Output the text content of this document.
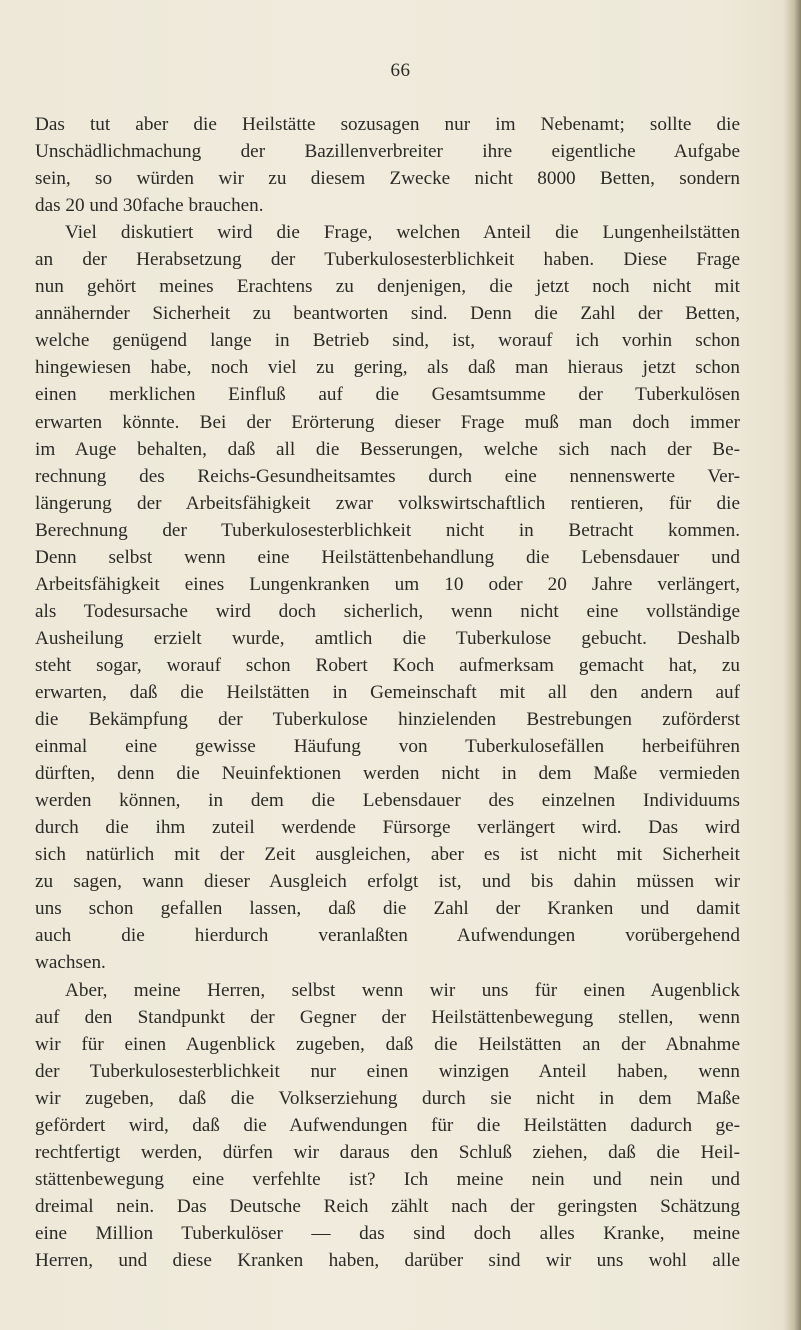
66
Das tut aber die Heilstätte sozusagen nur im Nebenamt; sollte die
Unschädlichmachung der Bazillenverbreiter ihre eigentliche Aufgabe
sein, so würden wir zu diesem Zwecke nicht 8000 Betten, sondern
das 20 und 30fache brauchen.
Viel diskutiert wird die Frage, welchen Anteil die Lungenheilstätten
an der Herabsetzung der Tuberkulosesterblichkeit haben. Diese Frage
nun gehört meines Erachtens zu denjenigen, die jetzt noch nicht mit
annähernder Sicherheit zu beantworten sind. Denn die Zahl der Betten,
welche genügend lange in Betrieb sind, ist, worauf ich vorhin schon
hingewiesen habe, noch viel zu gering, als daß man hieraus jetzt schon
einen merklichen Einfluß auf die Gesamtsumme der Tuberkulösen
erwarten könnte. Bei der Erörterung dieser Frage muß man doch immer
im Auge behalten, daß all die Besserungen, welche sich nach der Be-
rechnung des Reichs-Gesundheitsamtes durch eine nennenswerte Ver-
längerung der Arbeitsfähigkeit zwar volkswirtschaftlich rentieren, für die
Berechnung der Tuberkulosesterblichkeit nicht in Betracht kommen.
Denn selbst wenn eine Heilstättenbehandlung die Lebensdauer und
Arbeitsfähigkeit eines Lungenkranken um 10 oder 20 Jahre verlängert,
als Todesursache wird doch sicherlich, wenn nicht eine vollständige
Ausheilung erzielt wurde, amtlich die Tuberkulose gebucht. Deshalb
steht sogar, worauf schon Robert Koch aufmerksam gemacht hat, zu
erwarten, daß die Heilstätten in Gemeinschaft mit all den andern auf
die Bekämpfung der Tuberkulose hinzielenden Bestrebungen zuförderst
einmal eine gewisse Häufung von Tuberkulosefällen herbeiführen
dürften, denn die Neuinfektionen werden nicht in dem Maße vermieden
werden können, in dem die Lebensdauer des einzelnen Individuums
durch die ihm zuteil werdende Fürsorge verlängert wird. Das wird
sich natürlich mit der Zeit ausgleichen, aber es ist nicht mit Sicherheit
zu sagen, wann dieser Ausgleich erfolgt ist, und bis dahin müssen wir
uns schon gefallen lassen, daß die Zahl der Kranken und damit
auch die hierdurch veranlaßten Aufwendungen vorübergehend
wachsen.
Aber, meine Herren, selbst wenn wir uns für einen Augenblick
auf den Standpunkt der Gegner der Heilstättenbewegung stellen, wenn
wir für einen Augenblick zugeben, daß die Heilstätten an der Abnahme
der Tuberkulosesterblichkeit nur einen winzigen Anteil haben, wenn
wir zugeben, daß die Volkserziehung durch sie nicht in dem Maße
gefördert wird, daß die Aufwendungen für die Heilstätten dadurch ge-
rechtfertigt werden, dürfen wir daraus den Schluß ziehen, daß die Heil-
stättenbewegung eine verfehlte ist? Ich meine nein und nein und
dreimal nein. Das Deutsche Reich zählt nach der geringsten Schätzung
eine Million Tuberkulöser — das sind doch alles Kranke, meine
Herren, und diese Kranken haben, darüber sind wir uns wohl alle
